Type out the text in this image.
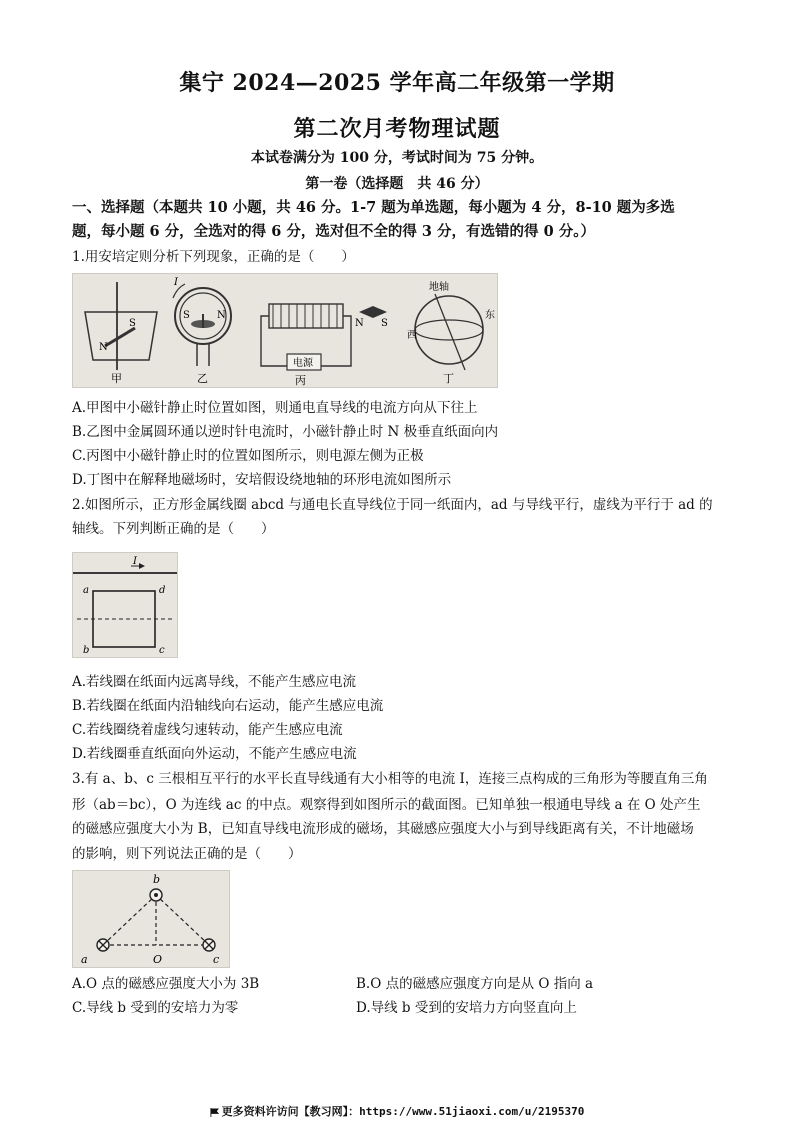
集宁 2024—2025 学年高二年级第一学期
第二次月考物理试题
本试卷满分为 100 分，考试时间为 75 分钟。
第一卷（选择题　共 46 分）
一、选择题（本题共 10 小题，共 46 分。1-7 题为单选题，每小题为 4 分，8-10 题为多选
题，每小题 6 分，全选对的得 6 分，选对但不全的得 3 分，有选错的得 0 分。）
1.用安培定则分析下列现象，正确的是（　　）
S
N
甲
I
S	N
乙
电源
N S
丙
地轴
东
西
丁
A.甲图中小磁针静止时位置如图，则通电直导线的电流方向从下往上
B.乙图中金属圆环通以逆时针电流时，小磁针静止时 N 极垂直纸面向内
C.丙图中小磁针静止时的位置如图所示，则电源左侧为正极
D.丁图中在解释地磁场时，安培假设绕地轴的环形电流如图所示
2.如图所示，正方形金属线圈 abcd 与通电长直导线位于同一纸面内，ad 与导线平行，虚线为平行于 ad 的
轴线。下列判断正确的是（　　）
I
a	d
b	c
A.若线圈在纸面内远离导线，不能产生感应电流
B.若线圈在纸面内沿轴线向右运动，能产生感应电流
C.若线圈绕着虚线匀速转动，能产生感应电流
D.若线圈垂直纸面向外运动，不能产生感应电流
3.有 a、b、c 三根相互平行的水平长直导线通有大小相等的电流 I，连接三点构成的三角形为等腰直角三角
形（ab＝bc），O 为连线 ac 的中点。观察得到如图所示的截面图。已知单独一根通电导线 a 在 O 处产生
的磁感应强度大小为 B，已知直导线电流形成的磁场，其磁感应强度大小与到导线距离有关，不计地磁场
的影响，则下列说法正确的是（　　）
b
a	O	c
A.O 点的磁感应强度大小为 3B	B.O 点的磁感应强度方向是从 O 指向 a
C.导线 b 受到的安培力为零	D.导线 b 受到的安培力方向竖直向上
更多资料许访问【教习网】：https://www.51jiaoxi.com/u/2195370
